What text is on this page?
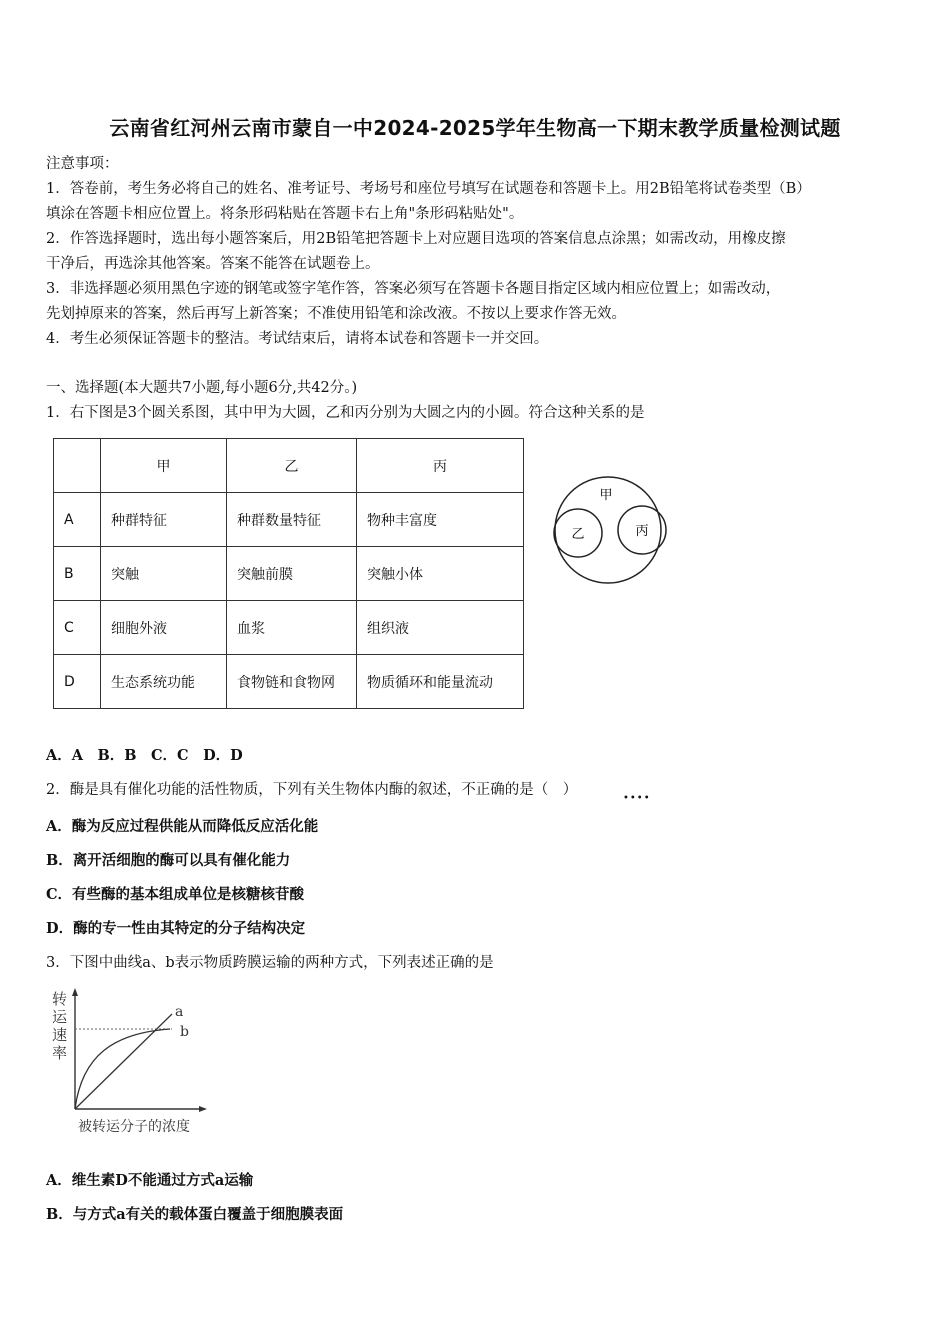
云南省红河州云南市蒙自一中2024-2025学年生物高一下期末教学质量检测试题
注意事项：
1．答卷前，考生务必将自己的姓名、准考证号、考场号和座位号填写在试题卷和答题卡上。用2B铅笔将试卷类型（B）
填涂在答题卡相应位置上。将条形码粘贴在答题卡右上角"条形码粘贴处"。
2．作答选择题时，选出每小题答案后，用2B铅笔把答题卡上对应题目选项的答案信息点涂黑；如需改动，用橡皮擦
干净后，再选涂其他答案。答案不能答在试题卷上。
3．非选择题必须用黑色字迹的钢笔或签字笔作答，答案必须写在答题卡各题目指定区域内相应位置上；如需改动，
先划掉原来的答案，然后再写上新答案；不准使用铅笔和涂改液。不按以上要求作答无效。
4．考生必须保证答题卡的整洁。考试结束后，请将本试卷和答题卡一并交回。
一、选择题(本大题共7小题,每小题6分,共42分。)
1．右下图是3个圆关系图，其中甲为大圆，乙和丙分别为大圆之内的小圆。符合这种关系的是
	甲	乙	丙
A	种群特征	种群数量特征	物种丰富度
B	突触	突触前膜	突触小体
C	细胞外液	血浆	组织液
D	生态系统功能	食物链和食物网	物质循环和能量流动
甲
乙	丙
A．A　B．B　C．C　D．D
2．酶是具有催化功能的活性物质，下列有关生物体内酶的叙述，不正确的是（　）
••••
A．酶为反应过程供能从而降低反应活化能
B．离开活细胞的酶可以具有催化能力
C．有些酶的基本组成单位是核糖核苷酸
D．酶的专一性由其特定的分子结构决定
3．下图中曲线a、b表示物质跨膜运输的两种方式，下列表述正确的是
转
运
速
率
a
b
被转运分子的浓度
A．维生素D不能通过方式a运输
B．与方式a有关的载体蛋白覆盖于细胞膜表面
